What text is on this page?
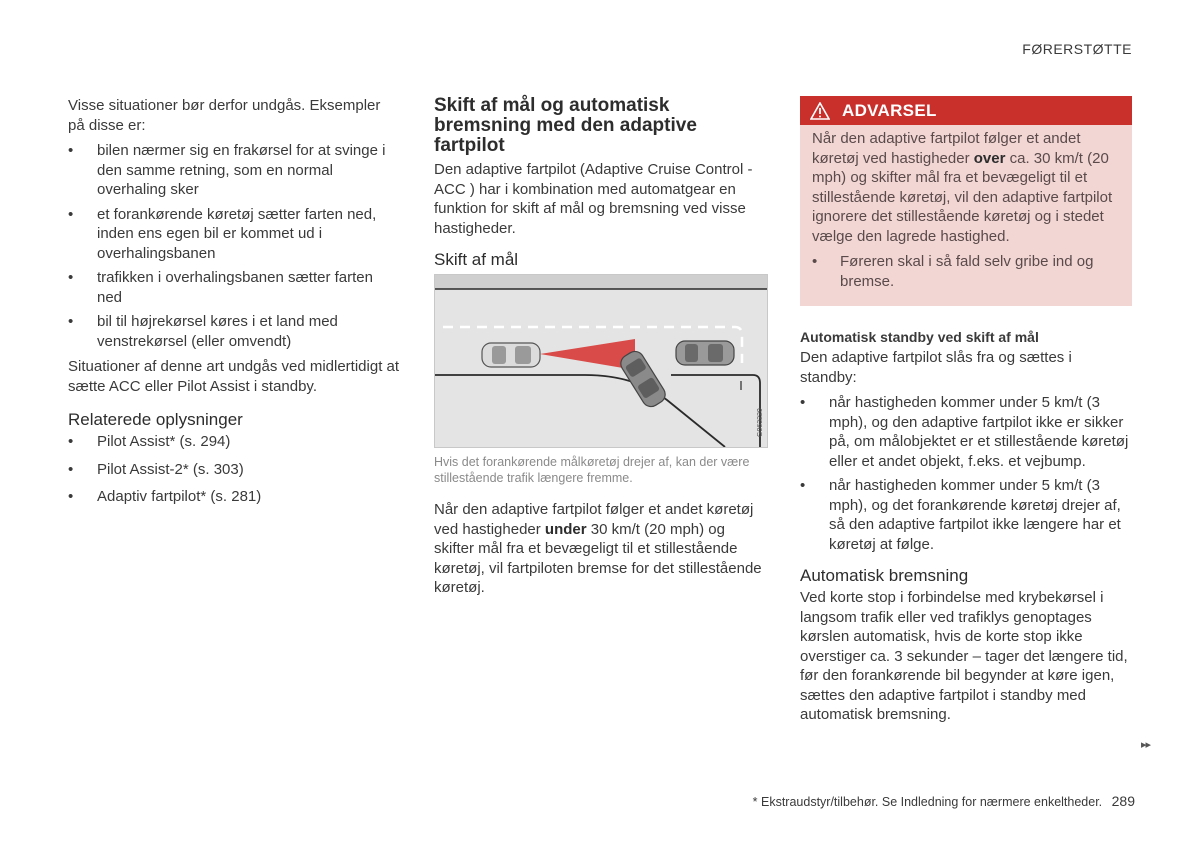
FØRERSTØTTE

Visse situationer bør derfor undgås. Eksempler på disse er:

• bilen nærmer sig en frakørsel for at svinge i den samme retning, som en normal overhaling sker
• et forankørende køretøj sætter farten ned, inden ens egen bil er kommet ud i overhalingsbanen
• trafikken i overhalingsbanen sætter farten ned
• bil til højrekørsel køres i et land med venstrekørsel (eller omvendt)

Situationer af denne art undgås ved midlertidigt at sætte ACC eller Pilot Assist i standby.

Relaterede oplysninger
• Pilot Assist* (s. 294)
• Pilot Assist-2* (s. 303)
• Adaptiv fartpilot* (s. 281)
Skift af mål og automatisk bremsning med den adaptive fartpilot

Den adaptive fartpilot (Adaptive Cruise Control - ACC ) har i kombination med automatgear en funktion for skift af mål og bremsning ved visse hastigheder.

Skift af mål
G063220

Hvis det forankørende målkøretøj drejer af, kan der være stillestående trafik længere fremme.

Når den adaptive fartpilot følger et andet køretøj ved hastigheder under 30 km/t (20 mph) og skifter mål fra et bevægeligt til et stillestående køretøj, vil fartpiloten bremse for det stillestående køretøj.

ADVARSEL

Når den adaptive fartpilot følger et andet køretøj ved hastigheder over ca. 30 km/t (20 mph) og skifter mål fra et bevægeligt til et stillestående køretøj, vil den adaptive fartpilot ignorere det stillestående køretøj og i stedet vælge den lagrede hastighed.

• Føreren skal i så fald selv gribe ind og bremse.
Automatisk standby ved skift af mål

Den adaptive fartpilot slås fra og sættes i standby:

• når hastigheden kommer under 5 km/t (3 mph), og den adaptive fartpilot ikke er sikker på, om målobjektet er et stillestående køretøj eller et andet objekt, f.eks. et vejbump.
• når hastigheden kommer under 5 km/t (3 mph), og det forankørende køretøj drejer af, så den adaptive fartpilot ikke længere har et køretøj at følge.
Automatisk bremsning

Ved korte stop i forbindelse med krybekørsel i langsom trafik eller ved trafiklys genoptages kørslen automatisk, hvis de korte stop ikke overstiger ca. 3 sekunder – tager det længere tid, før den forankørende bil begynder at køre igen, sættes den adaptive fartpilot i standby med automatisk bremsning.

▸▸
* Ekstraudstyr/tilbehør. Se Indledning for nærmere enkeltheder. 289
